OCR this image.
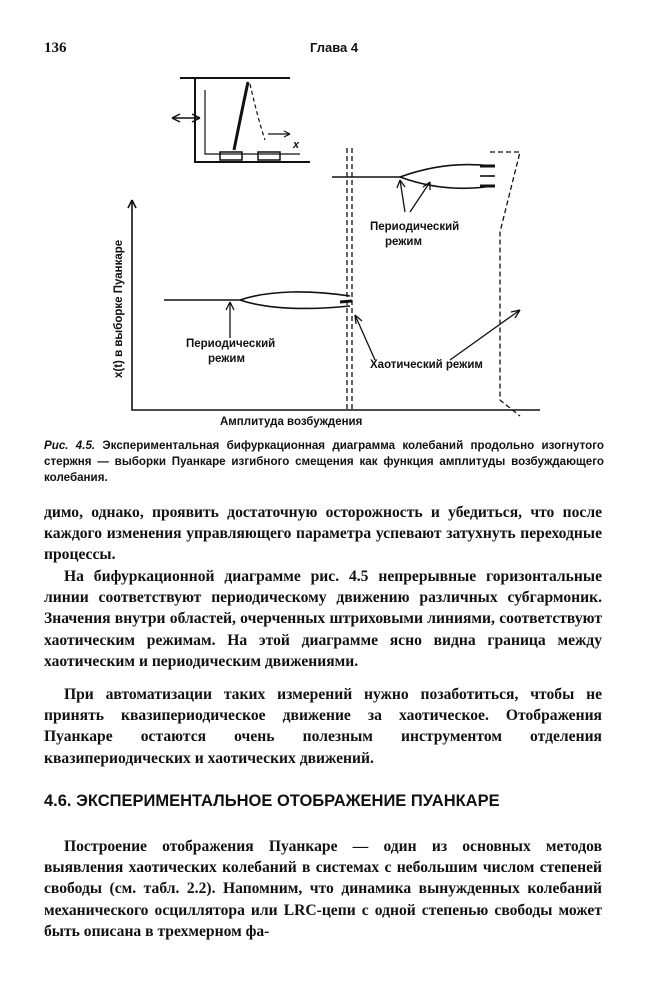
136	Глава 4
x
x(t) в выборке Пуанкаре
Амплитуда возбуждения
Периодический
режим
Периодический
режим	Хаотический режим
Рис. 4.5. Экспериментальная бифуркационная диаграмма колебаний продольно изогнутого стержня — выборки Пуанкаре изгибного смещения как функция амплитуды возбуждающего колебания.

димо, однако, проявить достаточную осторожность и убедиться, что после каждого изменения управляющего параметра успевают затухнуть переходные процессы.

На бифуркационной диаграмме рис. 4.5 непрерывные горизонтальные линии соответствуют периодическому движению различных субгармоник. Значения внутри областей, очерченных штриховыми линиями, соответствуют хаотическим режимам. На этой диаграмме ясно видна граница между хаотическим и периодическим движениями.

При автоматизации таких измерений нужно позаботиться, чтобы не принять квазипериодическое движение за хаотическое. Отображения Пуанкаре остаются очень полезным инструментом отделения квазипериодических и хаотических движений.

4.6. ЭКСПЕРИМЕНТАЛЬНОЕ ОТОБРАЖЕНИЕ ПУАНКАРЕ

Построение отображения Пуанкаре — один из основных методов выявления хаотических колебаний в системах с небольшим числом степеней свободы (см. табл. 2.2). Напомним, что динамика вынужденных колебаний механического осциллятора или LRC-цепи с одной степенью свободы может быть описана в трехмерном фа-
